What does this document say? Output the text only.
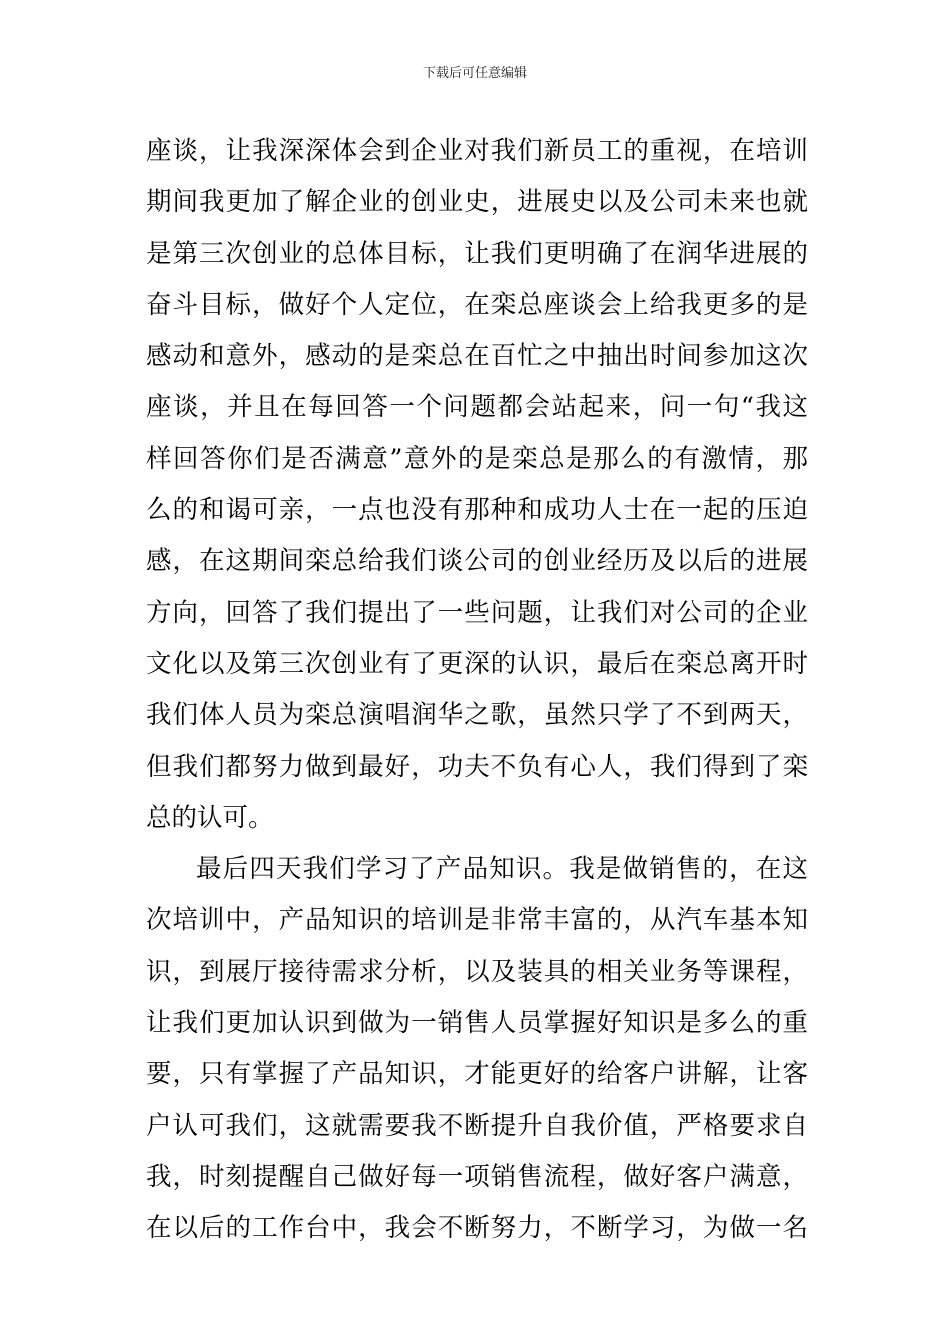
下载后可任意编辑
座谈，让我深深体会到企业对我们新员工的重视，在培训
期间我更加了解企业的创业史，进展史以及公司未来也就
是第三次创业的总体目标，让我们更明确了在润华进展的
奋斗目标，做好个人定位，在栾总座谈会上给我更多的是
感动和意外，感动的是栾总在百忙之中抽出时间参加这次
座谈，并且在每回答一个问题都会站起来，问一句“我这
样回答你们是否满意”意外的是栾总是那么的有激情，那
么的和谒可亲，一点也没有那种和成功人士在一起的压迫
感，在这期间栾总给我们谈公司的创业经历及以后的进展
方向，回答了我们提出了一些问题，让我们对公司的企业
文化以及第三次创业有了更深的认识，最后在栾总离开时
我们体人员为栾总演唱润华之歌，虽然只学了不到两天，
但我们都努力做到最好，功夫不负有心人，我们得到了栾
总的认可。
最后四天我们学习了产品知识。我是做销售的，在这
次培训中，产品知识的培训是非常丰富的，从汽车基本知
识，到展厅接待需求分析，以及装具的相关业务等课程，
让我们更加认识到做为一销售人员掌握好知识是多么的重
要，只有掌握了产品知识，才能更好的给客户讲解，让客
户认可我们，这就需要我不断提升自我价值，严格要求自
我，时刻提醒自己做好每一项销售流程，做好客户满意，
在以后的工作台中，我会不断努力，不断学习，为做一名
